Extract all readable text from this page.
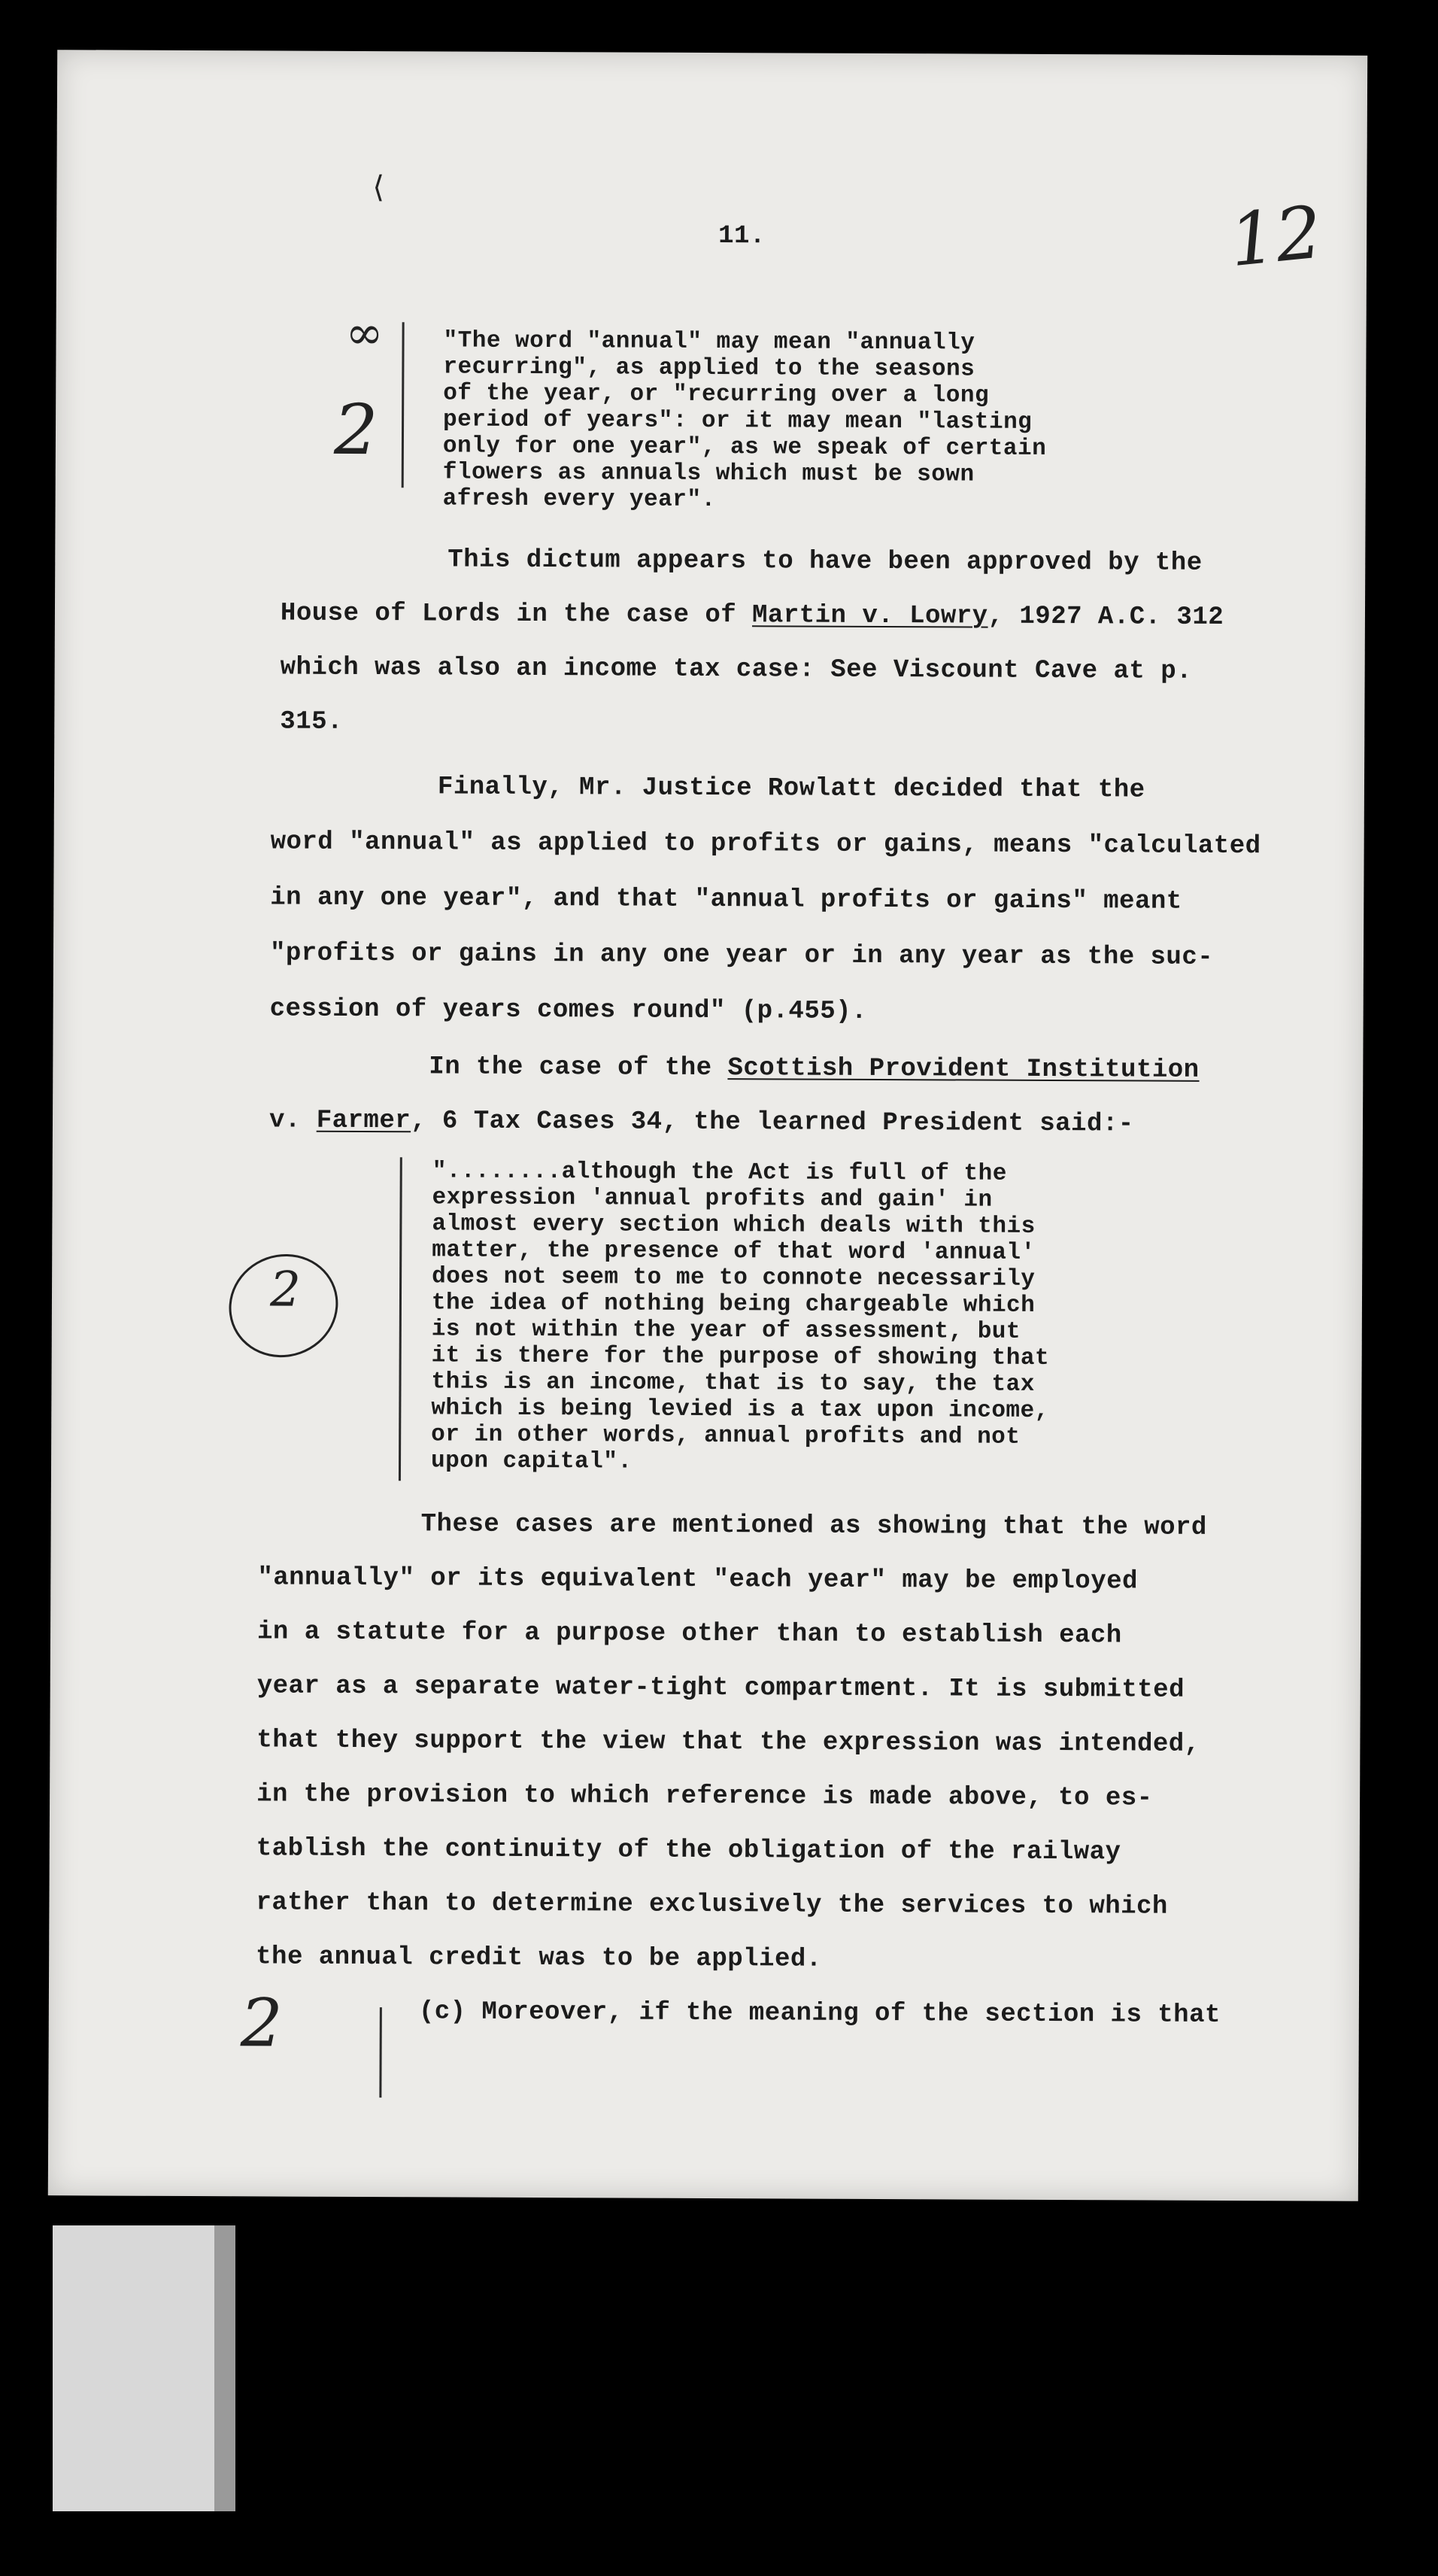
11.	12
⟨
2
∞	"The word "annual" may mean "annually
recurring", as applied to the seasons
of the year, or "recurring over a long
period of years": or it may mean "lasting
only for one year", as we speak of certain
flowers as annuals which must be sown
afresh every year".
This dictum appears to have been approved by the
House of Lords in the case of Martin v. Lowry, 1927 A.C. 312
which was also an income tax case: See Viscount Cave at p.
315.
Finally, Mr. Justice Rowlatt decided that the
word "annual" as applied to profits or gains, means "calculated
in any one year", and that "annual profits or gains" meant
"profits or gains in any one year or in any year as the suc-
cession of years comes round" (p.455).
In the case of the Scottish Provident Institution
v. Farmer, 6 Tax Cases 34, the learned President said:-
2
"........although the Act is full of the
expression 'annual profits and gain' in
almost every section which deals with this
matter, the presence of that word 'annual'
does not seem to me to connote necessarily
the idea of nothing being chargeable which
is not within the year of assessment, but
it is there for the purpose of showing that
this is an income, that is to say, the tax
which is being levied is a tax upon income,
or in other words, annual profits and not
upon capital".
These cases are mentioned as showing that the word
"annually" or its equivalent "each year" may be employed
in a statute for a purpose other than to establish each
year as a separate water-tight compartment. It is submitted
that they support the view that the expression was intended,
in the provision to which reference is made above, to es-
tablish the continuity of the obligation of the railway
rather than to determine exclusively the services to which
the annual credit was to be applied.
2	(c) Moreover, if the meaning of the section is that
